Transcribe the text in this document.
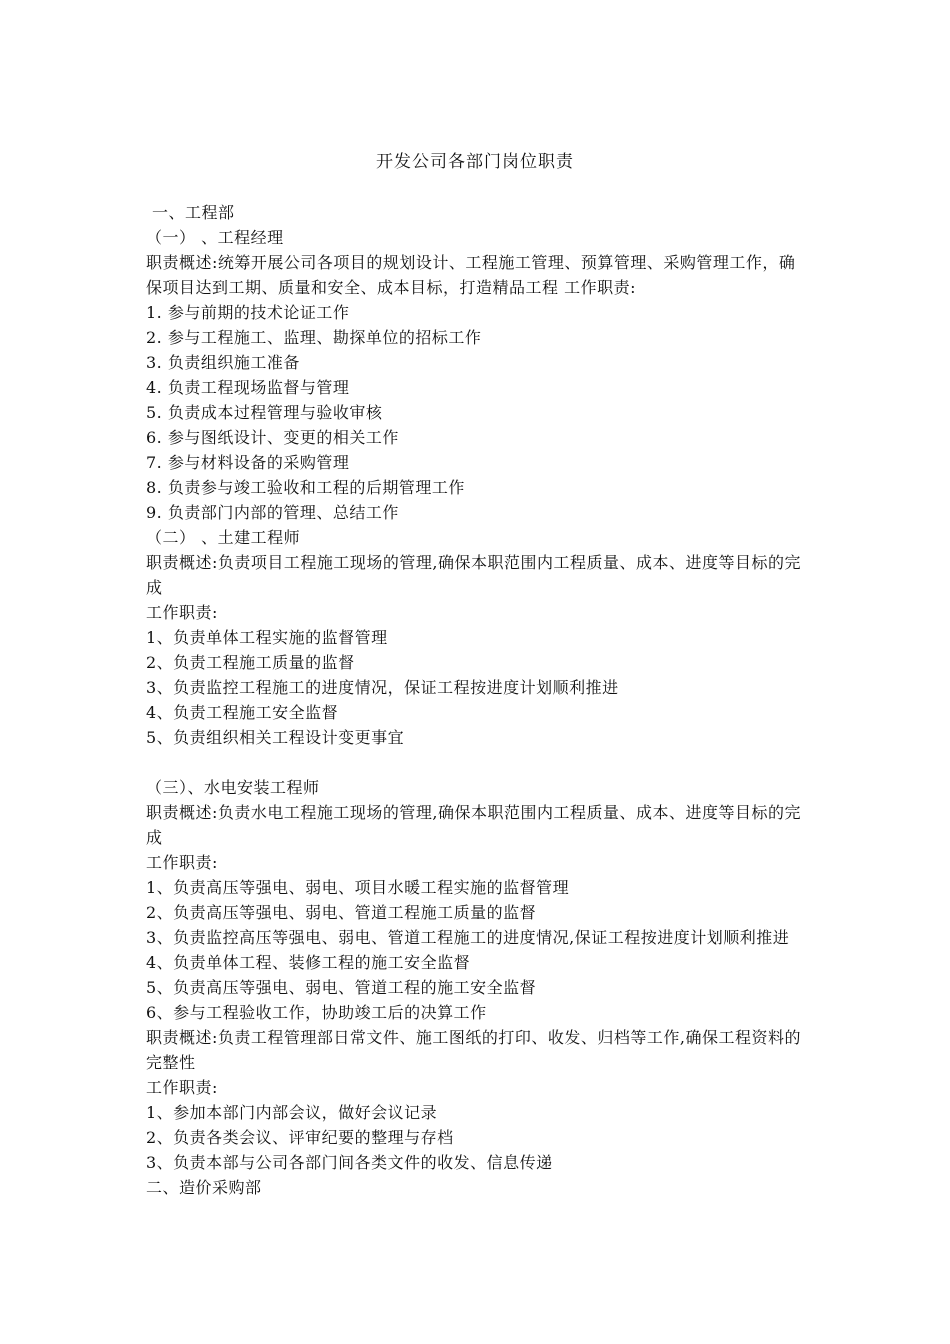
开发公司各部门岗位职责
一、工程部
（一） 、工程经理
职责概述:统筹开展公司各项目的规划设计、工程施工管理、预算管理、采购管理工作，确保项目达到工期、质量和安全、成本目标，打造精品工程 工作职责:
1. 参与前期的技术论证工作
2. 参与工程施工、监理、勘探单位的招标工作
3. 负责组织施工准备
4. 负责工程现场监督与管理
5. 负责成本过程管理与验收审核
6. 参与图纸设计、变更的相关工作
7. 参与材料设备的采购管理
8. 负责参与竣工验收和工程的后期管理工作
9. 负责部门内部的管理、总结工作
（二） 、土建工程师
职责概述:负责项目工程施工现场的管理,确保本职范围内工程质量、成本、进度等目标的完成
工作职责:
1、负责单体工程实施的监督管理
2、负责工程施工质量的监督
3、负责监控工程施工的进度情况，保证工程按进度计划顺利推进
4、负责工程施工安全监督
5、负责组织相关工程设计变更事宜
（三）、水电安装工程师
职责概述:负责水电工程施工现场的管理,确保本职范围内工程质量、成本、进度等目标的完成
工作职责:
1、负责高压等强电、弱电、项目水暖工程实施的监督管理
2、负责高压等强电、弱电、管道工程施工质量的监督
3、负责监控高压等强电、弱电、管道工程施工的进度情况,保证工程按进度计划顺利推进
4、负责单体工程、装修工程的施工安全监督
5、负责高压等强电、弱电、管道工程的施工安全监督
6、参与工程验收工作，协助竣工后的决算工作
职责概述:负责工程管理部日常文件、施工图纸的打印、收发、归档等工作,确保工程资料的完整性
工作职责:
1、参加本部门内部会议，做好会议记录
2、负责各类会议、评审纪要的整理与存档
3、负责本部与公司各部门间各类文件的收发、信息传递
二、造价采购部
